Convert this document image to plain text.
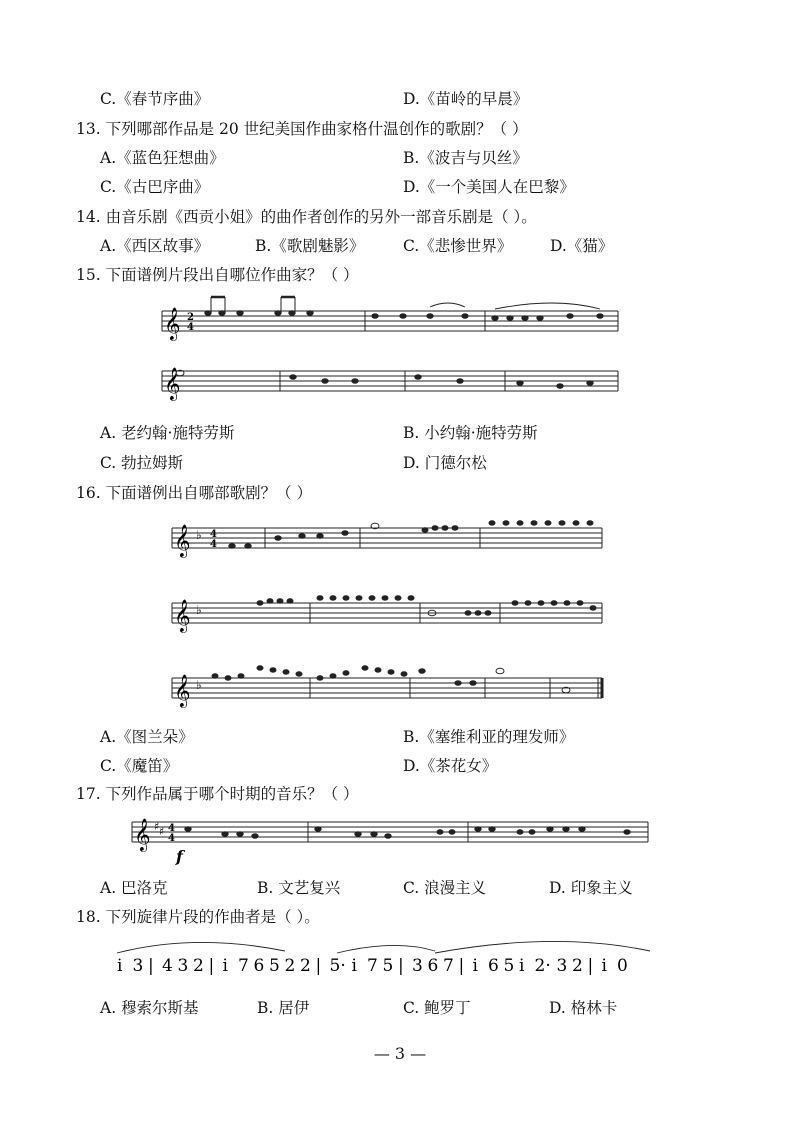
C.《春节序曲》	D.《苗岭的早晨》
13. 下列哪部作品是 20 世纪美国作曲家格什温创作的歌剧？（ ）
A.《蓝色狂想曲》	B.《波吉与贝丝》
C.《古巴序曲》	D.《一个美国人在巴黎》
14. 由音乐剧《西贡小姐》的曲作者创作的另外一部音乐剧是（ ）。
A.《西区故事》	B.《歌剧魅影》 C.《悲惨世界》 D.《猫》
15. 下面谱例片段出自哪位作曲家？（ ）
𝄞
𝄞
2
4
A. 老约翰·施特劳斯	B. 小约翰·施特劳斯
C. 勃拉姆斯	D. 门德尔松
16. 下面谱例出自哪部歌剧？（ ）
𝄞
𝄞
𝄞
♭
♭
♭
4
4
A.《图兰朵》	B.《塞维利亚的理发师》
C.《魔笛》	D.《茶花女》
17. 下列作品属于哪个时期的音乐？（ ）
𝄞 ♯ ♯ 4
4
f
A. 巴洛克	B. 文艺复兴	C. 浪漫主义	D. 印象主义
18. 下列旋律片段的作曲者是（ ）。
i 3 | 4 3 2 | i 7 6 5 2 2 | 5· i 7 5 | 3 6 7 | i 6 5 i 2· 3 2 | i 0
A. 穆索尔斯基	B. 居伊	C. 鲍罗丁	D. 格林卡
— 3 —
